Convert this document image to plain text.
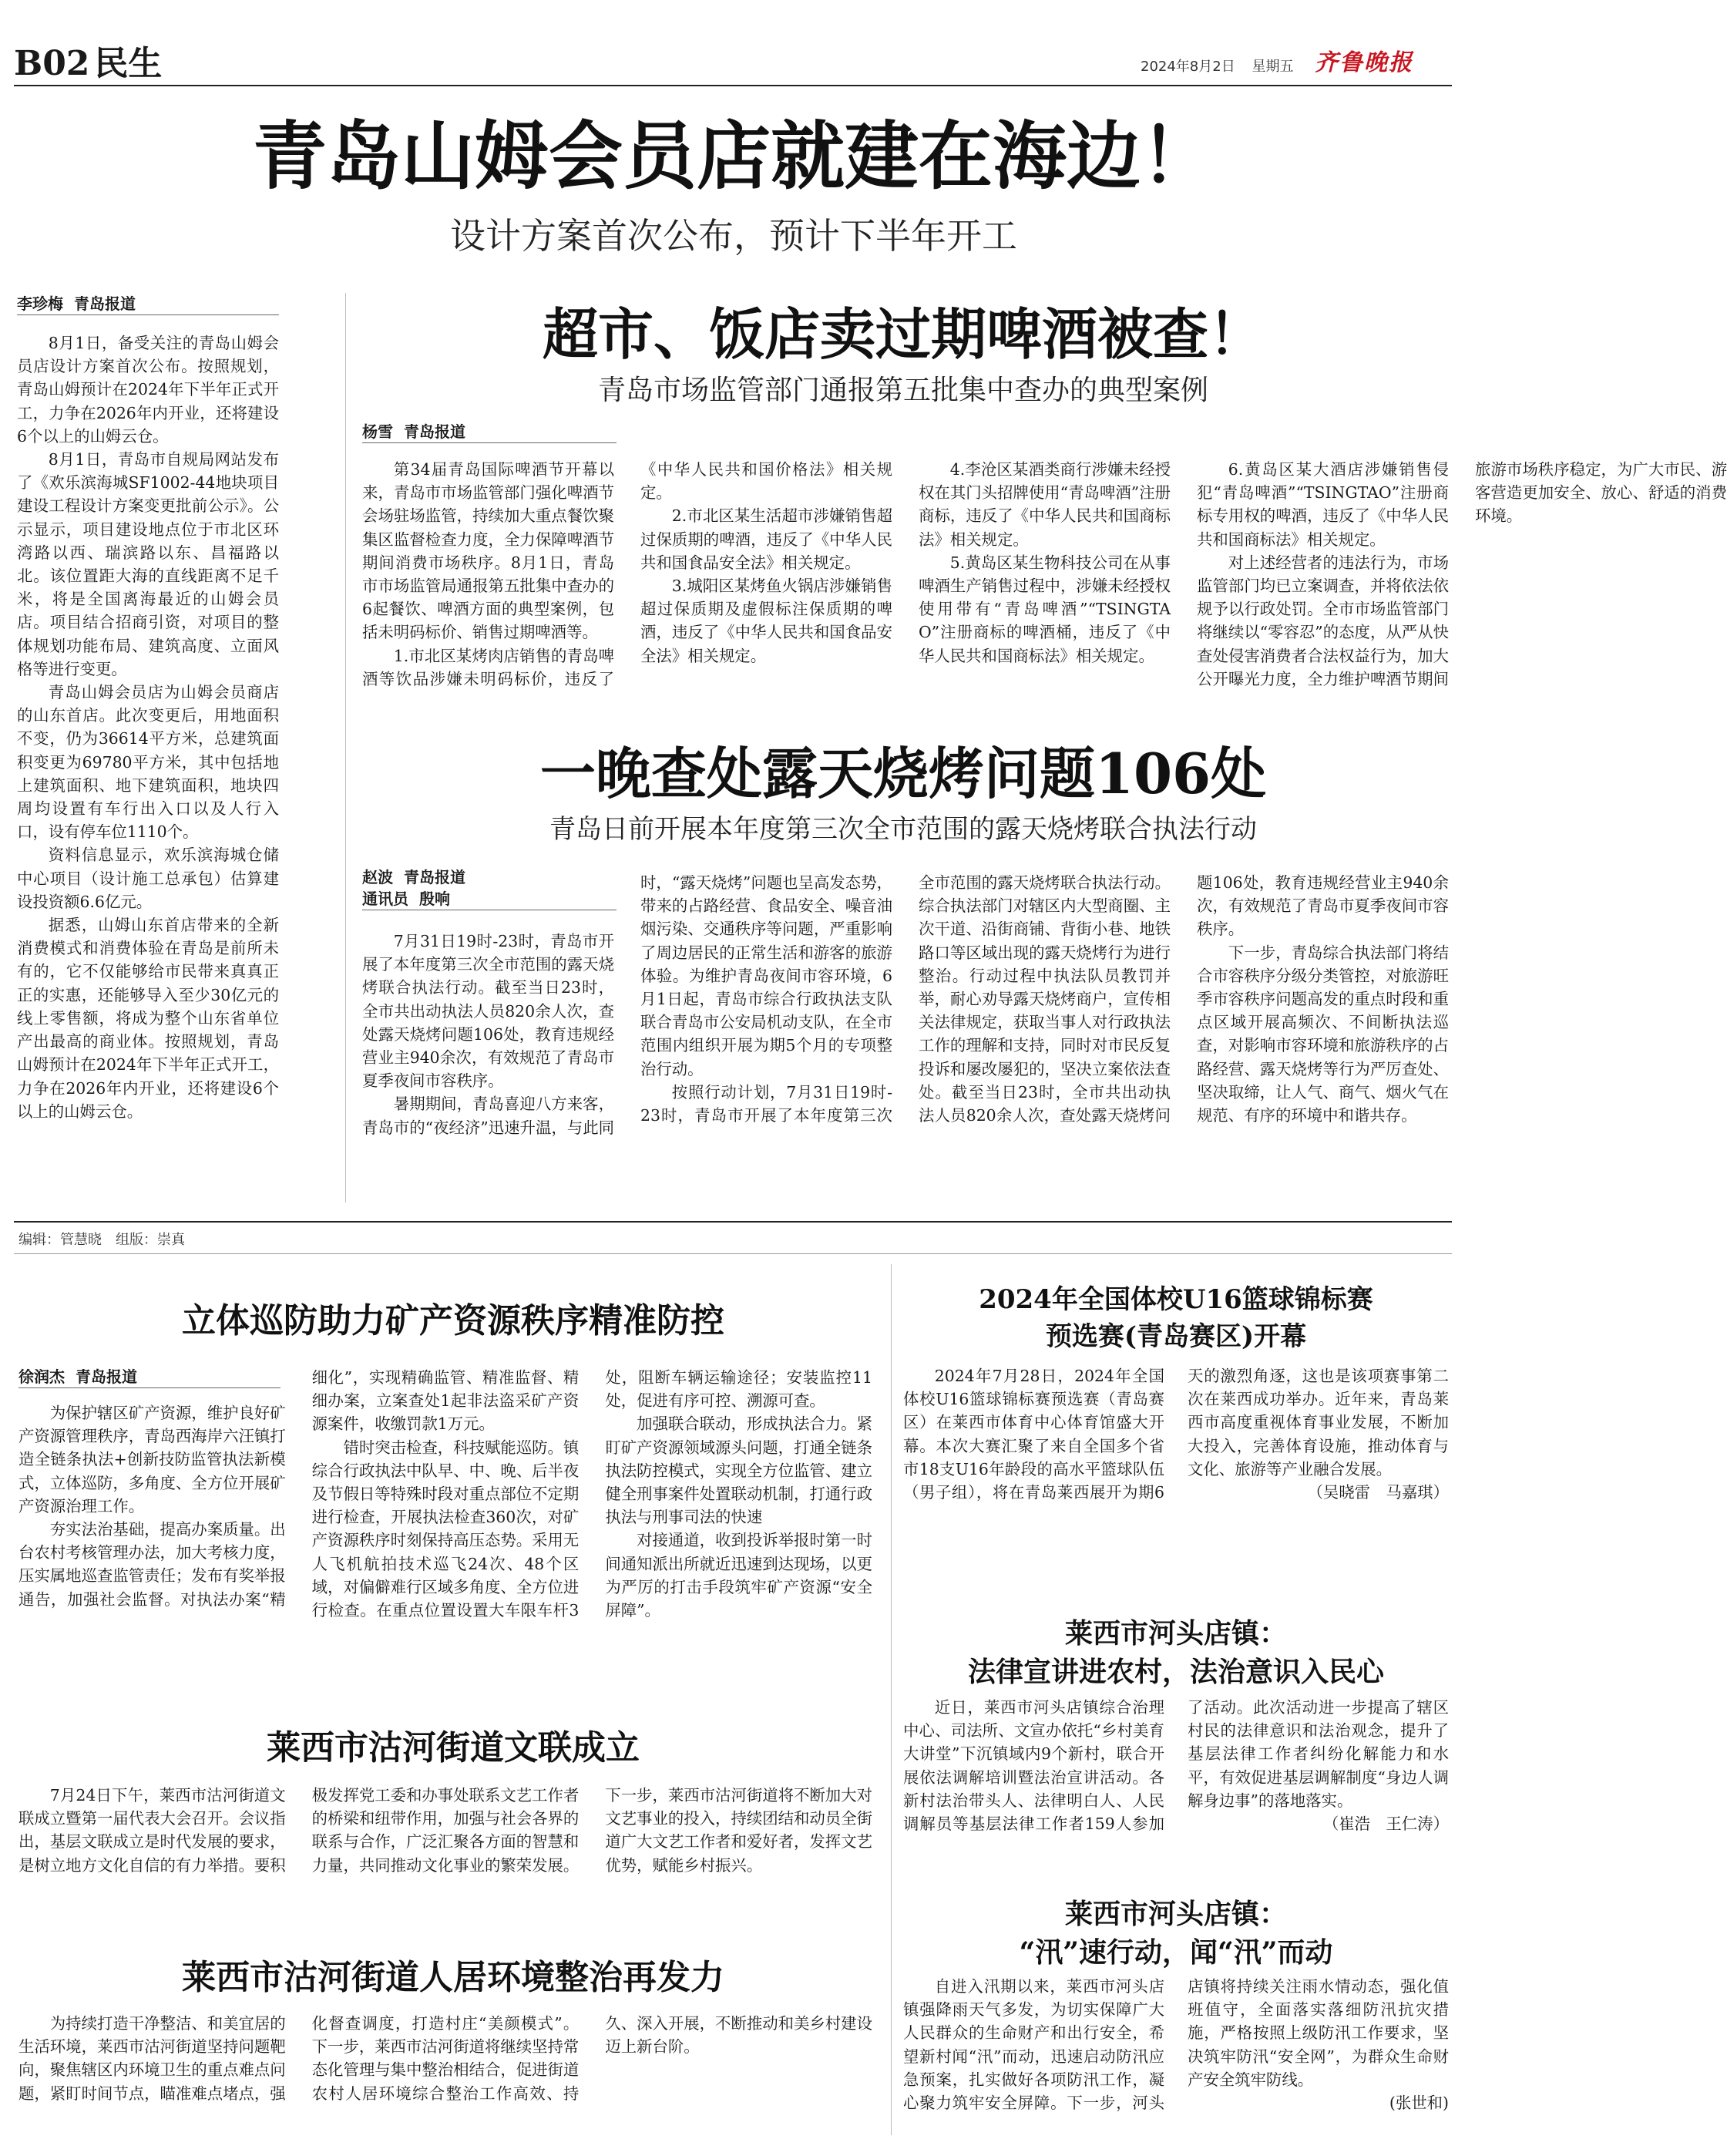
B02 民生	2024年8月2日 星期五 齐鲁晚报
青岛山姆会员店就建在海边！
设计方案首次公布，预计下半年开工
李珍梅 青岛报道

8月1日，备受关注的青岛山姆会员店设计方案首次公布。按照规划，青岛山姆预计在2024年下半年正式开工，力争在2026年内开业，还将建设6个以上的山姆云仓。

8月1日，青岛市自规局网站发布了《欢乐滨海城SF1002-44地块项目建设工程设计方案变更批前公示》。公示显示，项目建设地点位于市北区环湾路以西、瑞滨路以东、昌福路以北。该位置距大海的直线距离不足千米，将是全国离海最近的山姆会员店。项目结合招商引资，对项目的整体规划功能布局、建筑高度、立面风格等进行变更。

青岛山姆会员店为山姆会员商店的山东首店。此次变更后，用地面积不变，仍为36614平方米，总建筑面积变更为69780平方米，其中包括地上建筑面积、地下建筑面积，地块四周均设置有车行出入口以及人行入口，设有停车位1110个。

资料信息显示，欢乐滨海城仓储中心项目（设计施工总承包）估算建设投资额6.6亿元。

据悉，山姆山东首店带来的全新消费模式和消费体验在青岛是前所未有的，它不仅能够给市民带来真真正正的实惠，还能够导入至少30亿元的线上零售额，将成为整个山东省单位产出最高的商业体。按照规划，青岛山姆预计在2024年下半年正式开工，力争在2026年内开业，还将建设6个以上的山姆云仓。

超市、饭店卖过期啤酒被查！
青岛市场监管部门通报第五批集中查办的典型案例
杨雪 青岛报道

第34届青岛国际啤酒节开幕以来，青岛市市场监管部门强化啤酒节会场驻场监管，持续加大重点餐饮聚集区监督检查力度，全力保障啤酒节期间消费市场秩序。8月1日，青岛市市场监管局通报第五批集中查办的6起餐饮、啤酒方面的典型案例，包括未明码标价、销售过期啤酒等。

1.市北区某烤肉店销售的青岛啤酒等饮品涉嫌未明码标价，违反了《中华人民共和国价格法》相关规定。

2.市北区某生活超市涉嫌销售超过保质期的啤酒，违反了《中华人民共和国食品安全法》相关规定。

3.城阳区某烤鱼火锅店涉嫌销售超过保质期及虚假标注保质期的啤酒，违反了《中华人民共和国食品安全法》相关规定。

4.李沧区某酒类商行涉嫌未经授权在其门头招牌使用“青岛啤酒”注册商标，违反了《中华人民共和国商标法》相关规定。

5.黄岛区某生物科技公司在从事啤酒生产销售过程中，涉嫌未经授权使用带有“青岛啤酒”“TSINGTAO”注册商标的啤酒桶，违反了《中华人民共和国商标法》相关规定。

6.黄岛区某大酒店涉嫌销售侵犯“青岛啤酒”“TSINGTAO”注册商标专用权的啤酒，违反了《中华人民共和国商标法》相关规定。

对上述经营者的违法行为，市场监管部门均已立案调查，并将依法依规予以行政处罚。全市市场监管部门将继续以“零容忍”的态度，从严从快查处侵害消费者合法权益行为，加大公开曝光力度，全力维护啤酒节期间旅游市场秩序稳定，为广大市民、游客营造更加安全、放心、舒适的消费环境。

一晚查处露天烧烤问题106处
青岛日前开展本年度第三次全市范围的露天烧烤联合执法行动
赵波 青岛报道
通讯员 殷响

7月31日19时-23时，青岛市开展了本年度第三次全市范围的露天烧烤联合执法行动。截至当日23时，全市共出动执法人员820余人次，查处露天烧烤问题106处，教育违规经营业主940余次，有效规范了青岛市夏季夜间市容秩序。

暑期期间，青岛喜迎八方来客，青岛市的“夜经济”迅速升温，与此同时，“露天烧烤”问题也呈高发态势，带来的占路经营、食品安全、噪音油烟污染、交通秩序等问题，严重影响了周边居民的正常生活和游客的旅游体验。为维护青岛夜间市容环境，6月1日起，青岛市综合行政执法支队联合青岛市公安局机动支队，在全市范围内组织开展为期5个月的专项整治行动。

按照行动计划，7月31日19时-23时，青岛市开展了本年度第三次全市范围的露天烧烤联合执法行动。综合执法部门对辖区内大型商圈、主次干道、沿街商铺、背街小巷、地铁路口等区域出现的露天烧烤行为进行整治。行动过程中执法队员教罚并举，耐心劝导露天烧烤商户，宣传相关法律规定，获取当事人对行政执法工作的理解和支持，同时对市民反复投诉和屡改屡犯的，坚决立案依法查处。截至当日23时，全市共出动执法人员820余人次，查处露天烧烤问题106处，教育违规经营业主940余次，有效规范了青岛市夏季夜间市容秩序。

下一步，青岛综合执法部门将结合市容秩序分级分类管控，对旅游旺季市容秩序问题高发的重点时段和重点区域开展高频次、不间断执法巡查，对影响市容环境和旅游秩序的占路经营、露天烧烤等行为严厉查处、坚决取缔，让人气、商气、烟火气在规范、有序的环境中和谐共存。

编辑：管慧晓　组版：崇真
立体巡防助力矿产资源秩序精准防控
徐润杰 青岛报道

为保护辖区矿产资源，维护良好矿产资源管理秩序，青岛西海岸六汪镇打造全链条执法+创新技防监管执法新模式，立体巡防，多角度、全方位开展矿产资源治理工作。

夯实法治基础，提高办案质量。出台农村考核管理办法，加大考核力度，压实属地巡查监管责任；发布有奖举报通告，加强社会监督。对执法办案“精细化”，实现精确监管、精准监督、精细办案，立案查处1起非法盗采矿产资源案件，收缴罚款1万元。

错时突击检查，科技赋能巡防。镇综合行政执法中队早、中、晚、后半夜及节假日等特殊时段对重点部位不定期进行检查，开展执法检查360次，对矿产资源秩序时刻保持高压态势。采用无人飞机航拍技术巡飞24次、48个区域，对偏僻难行区域多角度、全方位进行检查。在重点位置设置大车限车杆3处，阻断车辆运输途径；安装监控11处，促进有序可控、溯源可查。

加强联合联动，形成执法合力。紧盯矿产资源领域源头问题，打通全链条执法防控模式，实现全方位监管、建立健全刑事案件处置联动机制，打通行政执法与刑事司法的快速

对接通道，收到投诉举报时第一时间通知派出所就近迅速到达现场，以更为严厉的打击手段筑牢矿产资源“安全屏障”。

2024年全国体校U16篮球锦标赛
预选赛(青岛赛区)开幕

2024年7月28日，2024年全国体校U16篮球锦标赛预选赛（青岛赛区）在莱西市体育中心体育馆盛大开幕。本次大赛汇聚了来自全国多个省市18支U16年龄段的高水平篮球队伍（男子组），将在青岛莱西展开为期6天的激烈角逐，这也是该项赛事第二次在莱西成功举办。近年来，青岛莱西市高度重视体育事业发展，不断加大投入，完善体育设施，推动体育与文化、旅游等产业融合发展。

（吴晓雷　马嘉琪）

莱西市河头店镇：
法律宣讲进农村，法治意识入民心

近日，莱西市河头店镇综合治理中心、司法所、文宣办依托“乡村美育大讲堂”下沉镇域内9个新村，联合开展依法调解培训暨法治宣讲活动。各新村法治带头人、法律明白人、人民调解员等基层法律工作者159人参加了活动。此次活动进一步提高了辖区村民的法律意识和法治观念，提升了基层法律工作者纠纷化解能力和水平，有效促进基层调解制度“身边人调解身边事”的落地落实。

（崔浩　王仁涛）

莱西市沽河街道文联成立

7月24日下午，莱西市沽河街道文联成立暨第一届代表大会召开。会议指出，基层文联成立是时代发展的要求，是树立地方文化自信的有力举措。要积极发挥党工委和办事处联系文艺工作者的桥梁和纽带作用，加强与社会各界的联系与合作，广泛汇聚各方面的智慧和力量，共同推动文化事业的繁荣发展。下一步，莱西市沽河街道将不断加大对文艺事业的投入，持续团结和动员全街道广大文艺工作者和爱好者，发挥文艺优势，赋能乡村振兴。

莱西市河头店镇：
“汛”速行动，闻“汛”而动

自进入汛期以来，莱西市河头店镇强降雨天气多发，为切实保障广大人民群众的生命财产和出行安全，希望新村闻“汛”而动，迅速启动防汛应急预案，扎实做好各项防汛工作，凝心聚力筑牢安全屏障。下一步，河头店镇将持续关注雨水情动态，强化值班值守，全面落实落细防汛抗灾措施，严格按照上级防汛工作要求，坚决筑牢防汛“安全网”，为群众生命财产安全筑牢防线。

(张世和)

莱西市沽河街道人居环境整治再发力

为持续打造干净整洁、和美宜居的生活环境，莱西市沽河街道坚持问题靶向，聚焦辖区内环境卫生的重点难点问题，紧盯时间节点，瞄准难点堵点，强化督查调度，打造村庄“美颜模式”。下一步，莱西市沽河街道将继续坚持常态化管理与集中整治相结合，促进街道农村人居环境综合整治工作高效、持久、深入开展，不断推动和美乡村建设迈上新台阶。
